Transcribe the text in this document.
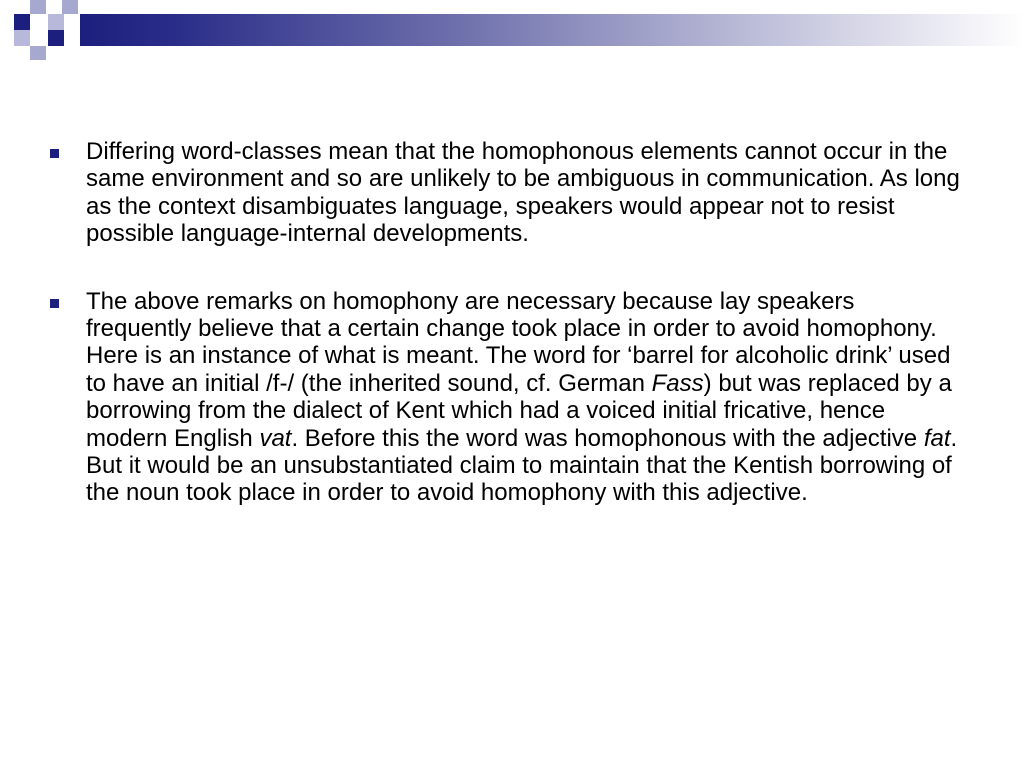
Differing word-classes mean that the homophonous elements cannot occur in the same environment and so are unlikely to be ambiguous in communication. As long as the context disambiguates language, speakers would appear not to resist possible language-internal developments.
The above remarks on homophony are necessary because lay speakers frequently believe that a certain change took place in order to avoid homophony. Here is an instance of what is meant. The word for ‘barrel for alcoholic drink’ used to have an initial /f-/ (the inherited sound, cf. German Fass) but was replaced by a borrowing from the dialect of Kent which had a voiced initial fricative, hence modern English vat. Before this the word was homophonous with the adjective fat. But it would be an unsubstantiated claim to maintain that the Kentish borrowing of the noun took place in order to avoid homophony with this adjective.
